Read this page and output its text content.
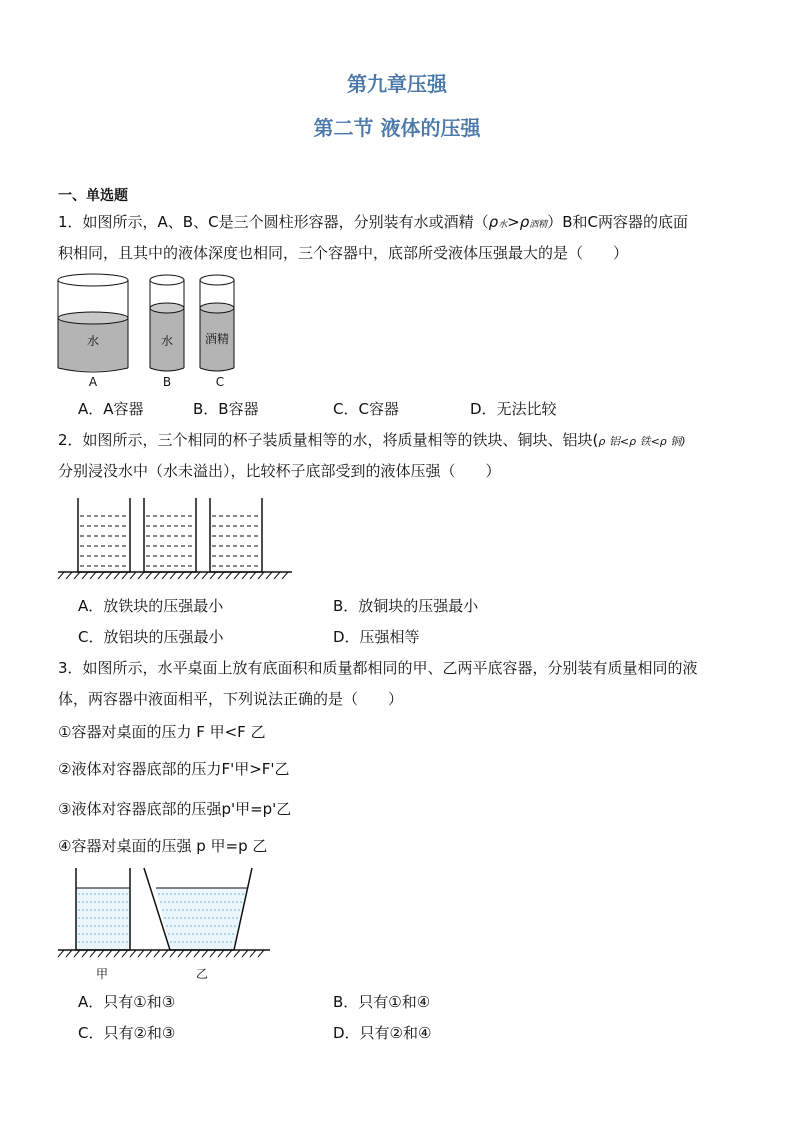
第九章压强
第二节 液体的压强
一、单选题
1．如图所示，A、B、C是三个圆柱形容器，分别装有水或酒精（ρ水>ρ酒精）B和C两容器的底面
积相同，且其中的液体深度也相同，三个容器中，底部所受液体压强最大的是（　　）
水
A
水
B
酒精
C
A．A容器	B．B容器	C．C容器	D．无法比较
2．如图所示，三个相同的杯子装质量相等的水，将质量相等的铁块、铜块、铝块(ρ 铝<ρ 铁<ρ 铜)
分别浸没水中（水未溢出），比较杯子底部受到的液体压强（　　）
A．放铁块的压强最小	B．放铜块的压强最小
C．放铝块的压强最小	D．压强相等
3．如图所示，水平桌面上放有底面积和质量都相同的甲、乙两平底容器，分别装有质量相同的液
体，两容器中液面相平，下列说法正确的是（　　）
①容器对桌面的压力 F 甲<F 乙
②液体对容器底部的压力F'甲>F'乙
③液体对容器底部的压强p'甲=p'乙
④容器对桌面的压强 p 甲=p 乙
甲	乙
A．只有①和③	B．只有①和④
C．只有②和③	D．只有②和④
